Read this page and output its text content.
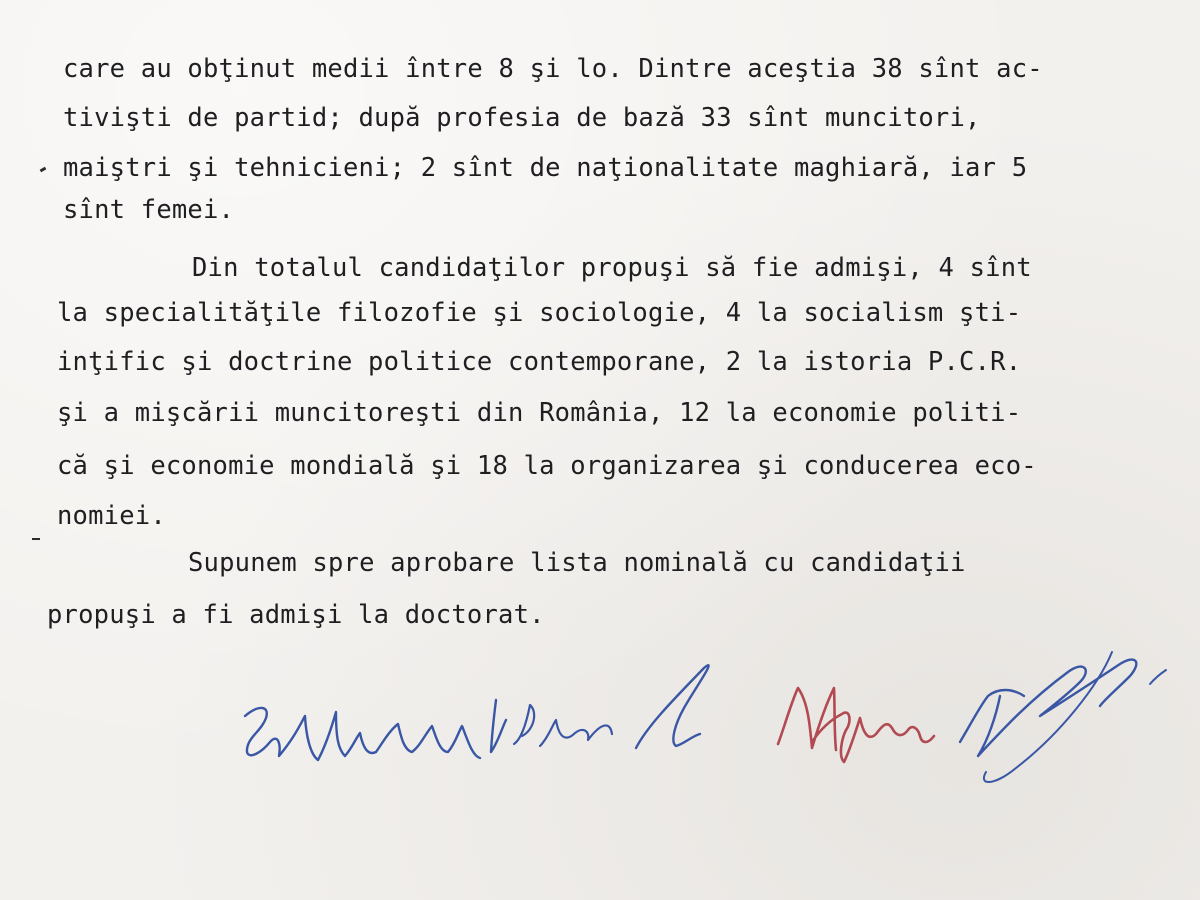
care au obţinut medii între 8 şi lo. Dintre aceştia 38 sînt ac-
tivişti de partid; după profesia de bază 33 sînt muncitori,
maiştri şi tehnicieni; 2 sînt de naţionalitate maghiară, iar 5
sînt femei.
Din totalul candidaţilor propuşi să fie admişi, 4 sînt
la specialităţile filozofie şi sociologie, 4 la socialism şti-
inţific şi doctrine politice contemporane, 2 la istoria P.C.R.
şi a mişcării muncitoreşti din România, 12 la economie politi-
că şi economie mondială şi 18 la organizarea şi conducerea eco-
nomiei.
Supunem spre aprobare lista nominală cu candidaţii
propuşi a fi admişi la doctorat.
